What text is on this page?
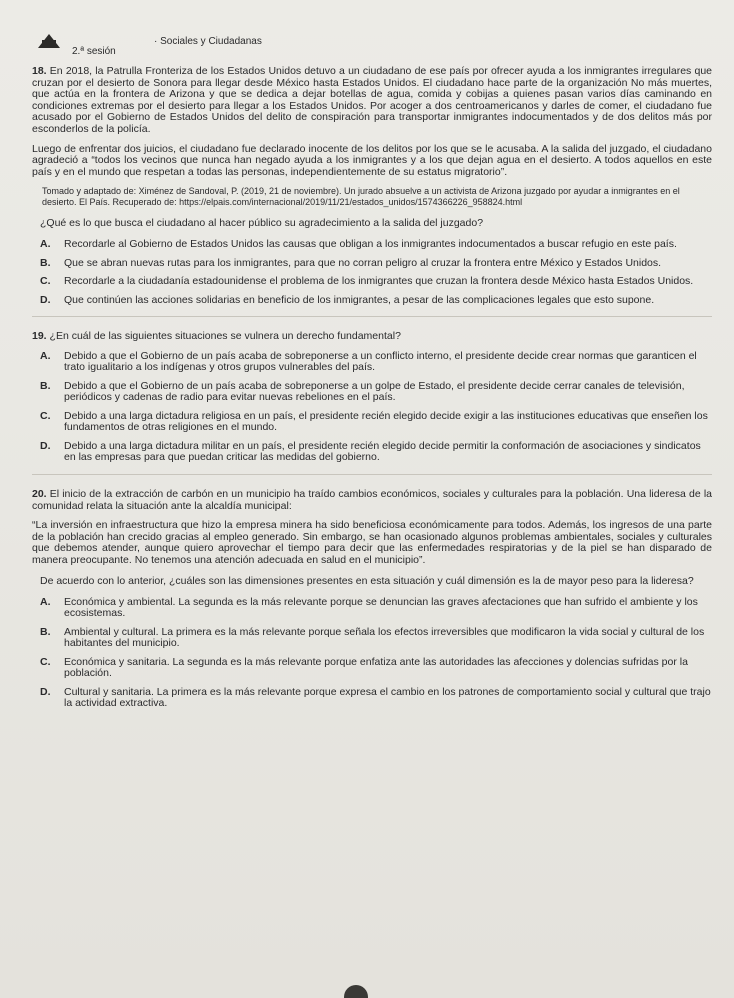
· Sociales y Ciudadanas
2.ª sesión

18. En 2018, la Patrulla Fronteriza de los Estados Unidos detuvo a un ciudadano de ese país por ofrecer ayuda a los inmigrantes irregulares que cruzan por el desierto de Sonora para llegar desde México hasta Estados Unidos. El ciudadano hace parte de la organización No más muertes, que actúa en la frontera de Arizona y que se dedica a dejar botellas de agua, comida y cobijas a quienes pasan varios días caminando en condiciones extremas por el desierto para llegar a los Estados Unidos. Por acoger a dos centroamericanos y darles de comer, el ciudadano fue acusado por el Gobierno de Estados Unidos del delito de conspiración para transportar inmigrantes indocumentados y de dos delitos más por esconderlos de la policía.

Luego de enfrentar dos juicios, el ciudadano fue declarado inocente de los delitos por los que se le acusaba. A la salida del juzgado, el ciudadano agradeció a “todos los vecinos que nunca han negado ayuda a los inmigrantes y a los que dejan agua en el desierto. A todos aquellos en este país y en el mundo que respetan a todas las personas, independientemente de su estatus migratorio”.

Tomado y adaptado de: Ximénez de Sandoval, P. (2019, 21 de noviembre). Un jurado absuelve a un activista de Arizona juzgado por ayudar a inmigrantes en el desierto. El País. Recuperado de: https://elpais.com/internacional/2019/11/21/estados_unidos/1574366226_958824.html

¿Qué es lo que busca el ciudadano al hacer público su agradecimiento a la salida del juzgado?

A.	Recordarle al Gobierno de Estados Unidos las causas que obligan a los inmigrantes indocumentados a buscar refugio en este país.
B.	Que se abran nuevas rutas para los inmigrantes, para que no corran peligro al cruzar la frontera entre México y Estados Unidos.
C.	Recordarle a la ciudadanía estadounidense el problema de los inmigrantes que cruzan la frontera desde México hasta Estados Unidos.
D.	Que continúen las acciones solidarias en beneficio de los inmigrantes, a pesar de las complicaciones legales que esto supone.

19. ¿En cuál de las siguientes situaciones se vulnera un derecho fundamental?

A.	Debido a que el Gobierno de un país acaba de sobreponerse a un conflicto interno, el presidente decide crear normas que garanticen el trato igualitario a los indígenas y otros grupos vulnerables del país.
B.	Debido a que el Gobierno de un país acaba de sobreponerse a un golpe de Estado, el presidente decide cerrar canales de televisión, periódicos y cadenas de radio para evitar nuevas rebeliones en el país.
C.	Debido a una larga dictadura religiosa en un país, el presidente recién elegido decide exigir a las instituciones educativas que enseñen los fundamentos de otras religiones en el mundo.
D.	Debido a una larga dictadura militar en un país, el presidente recién elegido decide permitir la conformación de asociaciones y sindicatos en las empresas para que puedan criticar las medidas del gobierno.

20. El inicio de la extracción de carbón en un municipio ha traído cambios económicos, sociales y culturales para la población. Una lideresa de la comunidad relata la situación ante la alcaldía municipal:

“La inversión en infraestructura que hizo la empresa minera ha sido beneficiosa económicamente para todos. Además, los ingresos de una parte de la población han crecido gracias al empleo generado. Sin embargo, se han ocasionado algunos problemas ambientales, sociales y culturales que debemos atender, aunque quiero aprovechar el tiempo para decir que las enfermedades respiratorias y de la piel se han disparado de manera preocupante. No tenemos una atención adecuada en salud en el municipio”.

De acuerdo con lo anterior, ¿cuáles son las dimensiones presentes en esta situación y cuál dimensión es la de mayor peso para la lideresa?

A.	Económica y ambiental. La segunda es la más relevante porque se denuncian las graves afectaciones que han sufrido el ambiente y los ecosistemas.
B.	Ambiental y cultural. La primera es la más relevante porque señala los efectos irreversibles que modificaron la vida social y cultural de los habitantes del municipio.
C.	Económica y sanitaria. La segunda es la más relevante porque enfatiza ante las autoridades las afecciones y dolencias sufridas por la población.
D.	Cultural y sanitaria. La primera es la más relevante porque expresa el cambio en los patrones de comportamiento social y cultural que trajo la actividad extractiva.
